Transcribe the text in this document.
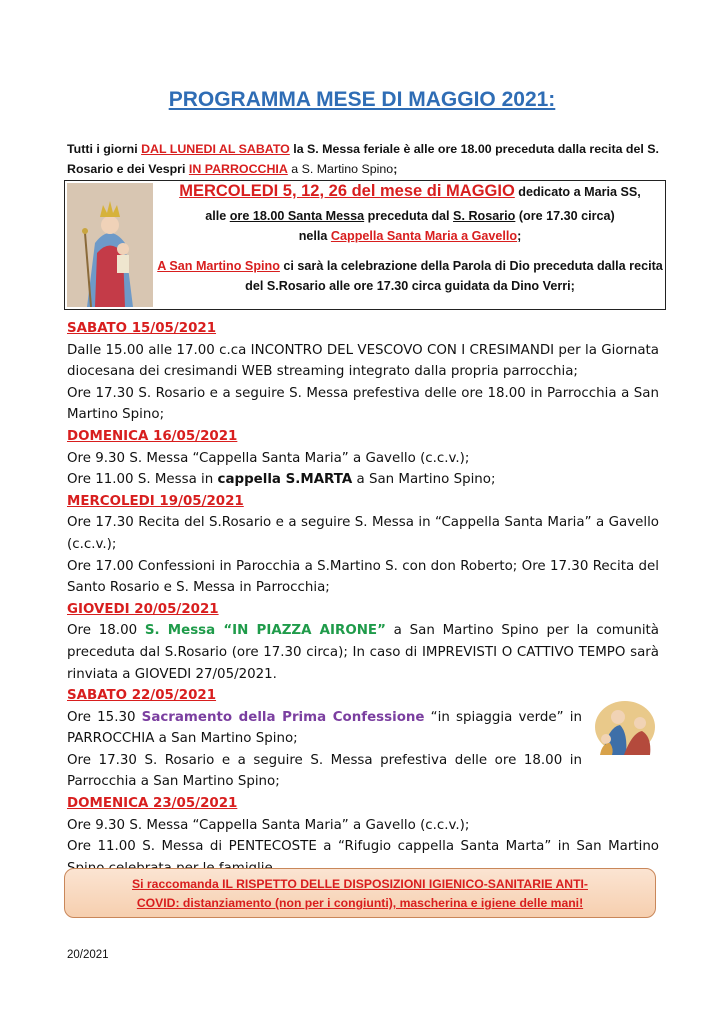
PROGRAMMA MESE DI MAGGIO 2021:
Tutti i giorni DAL LUNEDI AL SABATO la S. Messa feriale è alle ore 18.00 preceduta dalla recita del S. Rosario e dei Vespri IN PARROCCHIA a S. Martino Spino;
MERCOLEDI 5, 12, 26 del mese di MAGGIO dedicato a Maria SS,
alle ore 18.00 Santa Messa preceduta dal S. Rosario (ore 17.30 circa)
nella Cappella Santa Maria a Gavello;
A San Martino Spino ci sarà la celebrazione della Parola di Dio preceduta dalla recita del S.Rosario alle ore 17.30 circa guidata da Dino Verri;
SABATO 15/05/2021

Dalle 15.00 alle 17.00 c.ca INCONTRO DEL VESCOVO CON I CRESIMANDI per la Giornata diocesana dei cresimandi WEB streaming integrato dalla propria parrocchia;

Ore 17.30 S. Rosario e a seguire S. Messa prefestiva delle ore 18.00 in Parrocchia a San Martino Spino;

DOMENICA 16/05/2021

Ore 9.30 S. Messa “Cappella Santa Maria” a Gavello (c.c.v.);

Ore 11.00 S. Messa in cappella S.MARTA a San Martino Spino;

MERCOLEDI 19/05/2021

Ore 17.30 Recita del S.Rosario e a seguire S. Messa in “Cappella Santa Maria” a Gavello (c.c.v.);

Ore 17.00 Confessioni in Parocchia a S.Martino S. con don Roberto; Ore 17.30 Recita del Santo Rosario e S. Messa in Parrocchia;

GIOVEDI 20/05/2021

Ore 18.00 S. Messa “IN PIAZZA AIRONE” a San Martino Spino per la comunità preceduta dal S.Rosario (ore 17.30 circa); In caso di IMPREVISTI O CATTIVO TEMPO sarà rinviata a GIOVEDI 27/05/2021.

SABATO 22/05/2021

Ore 15.30 Sacramento della Prima Confessione “in spiaggia verde” in PARROCCHIA a San Martino Spino;

Ore 17.30 S. Rosario e a seguire S. Messa prefestiva delle ore 18.00 in Parrocchia a San Martino Spino;

DOMENICA 23/05/2021

Ore 9.30 S. Messa “Cappella Santa Maria” a Gavello (c.c.v.);

Ore 11.00 S. Messa di PENTECOSTE a “Rifugio cappella Santa Marta” in San Martino

Si raccomanda IL RISPETTO DELLE DISPOSIZIONI IGIENICO-SANITARIE ANTI-
COVID: distanziamento (non per i congiunti), mascherina e igiene delle mani!
20/2021
